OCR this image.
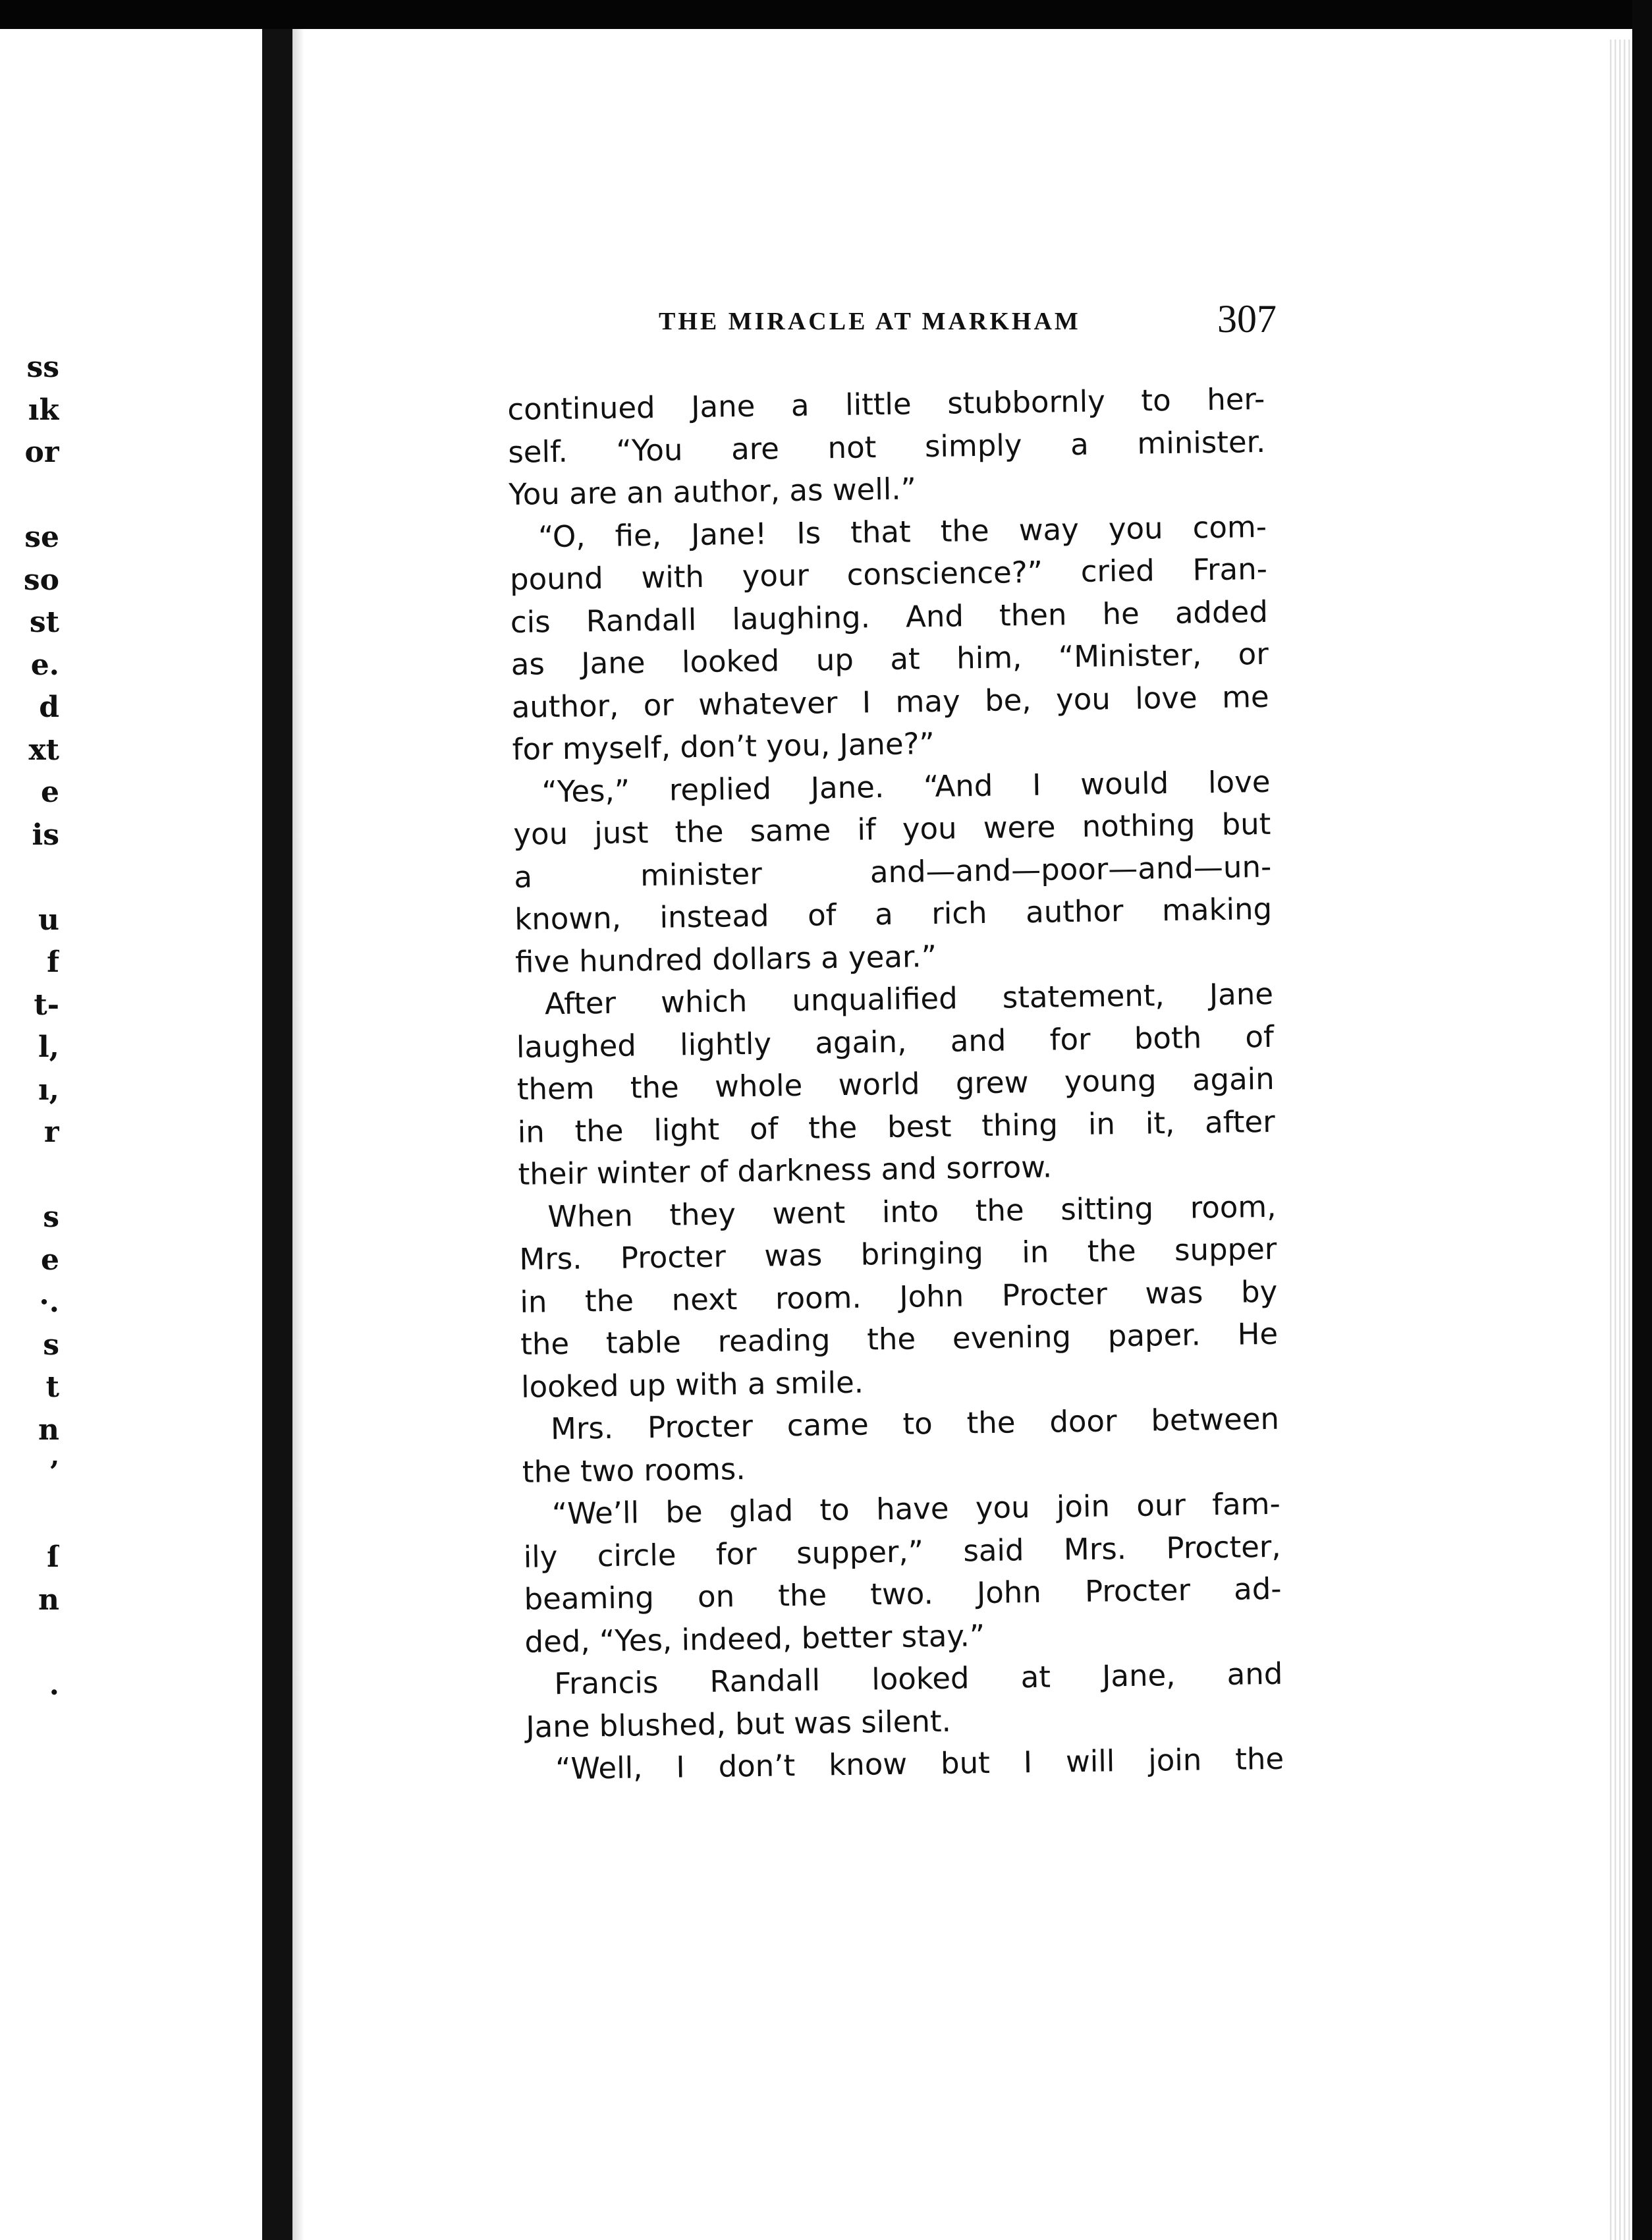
ss
ık
or
se
so
st
e.
d
xt
e
is
u
f
t-
l,
ı,
r
s
e
·.
s
t
n
’
ſ
n
.
THE MIRACLE AT MARKHAM	307
continued Jane a little stubbornly to her-
self. “You are not simply a minister.
You are an author, as well.”
“O, fie, Jane! Is that the way you com-
pound with your conscience?” cried Fran-
cis Randall laughing. And then he added
as Jane looked up at him, “Minister, or
author, or whatever I may be, you love me
for myself, don’t you, Jane?”
“Yes,” replied Jane. “And I would love
you just the same if you were nothing but
a minister and—and—poor—and—un-
known, instead of a rich author making
five hundred dollars a year.”
After which unqualified statement, Jane
laughed lightly again, and for both of
them the whole world grew young again
in the light of the best thing in it, after
their winter of darkness and sorrow.
When they went into the sitting room,
Mrs. Procter was bringing in the supper
in the next room. John Procter was by
the table reading the evening paper. He
looked up with a smile.
Mrs. Procter came to the door between
the two rooms.
“We’ll be glad to have you join our fam-
ily circle for supper,” said Mrs. Procter,
beaming on the two. John Procter ad-
ded, “Yes, indeed, better stay.”
Francis Randall looked at Jane, and
Jane blushed, but was silent.
“Well, I don’t know but I will join the
